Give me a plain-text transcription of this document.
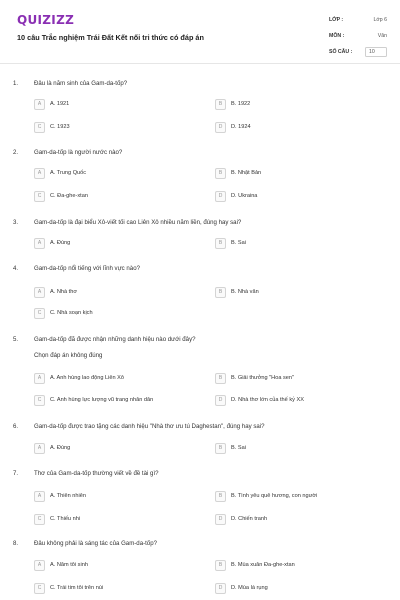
QUIZIZZ
10 câu Trắc nghiệm Trái Đất Kết nối tri thức có đáp án
LỚP :	Lớp 6
MÔN :	Văn
SỐ CÂU :	10
1.	Đâu là năm sinh của Gam-da-tốp?
A	A. 1921	B	B. 1922
C	C. 1923	D	D. 1924
2.	Gam-da-tốp là người nước nào?
A	A. Trung Quốc	B	B. Nhật Bản
C	C. Đa-ghe-xtan	D	D. Ukraina
3.	Gam-da-tốp là đại biểu Xô-viết tối cao Liên Xô nhiều năm liền, đúng hay sai?
A	A. Đúng	B	B. Sai
4.	Gam-da-tốp nổi tiếng với lĩnh vực nào?
A	A. Nhà thơ	B	B. Nhà văn
C	C. Nhà soạn kịch
5.	Gam-da-tốp đã được nhận những danh hiệu nào dưới đây?
Chọn đáp án không đúng
A	A. Anh hùng lao động Liên Xô	B	B. Giải thưởng "Hoa sen"
C	C. Anh hùng lực lượng vũ trang nhân dân	D	D. Nhà thơ lớn của thế kỷ XX
6.	Gam-da-tốp được trao tặng các danh hiệu "Nhà thơ ưu tú Daghestan", đúng hay sai?
A	A. Đúng	B	B. Sai
7.	Thơ của Gam-da-tốp thường viết về đề tài gì?
A	A. Thiên nhiên	B	B. Tình yêu quê hương, con người
C	C. Thiếu nhi	D	D. Chiến tranh
8.	Đâu không phải là sáng tác của Gam-da-tốp?
A	A. Năm tôi sinh	B	B. Mùa xuân Đa-ghe-xtan
C	C. Trái tim tôi trên núi	D	D. Mùa lá rụng
